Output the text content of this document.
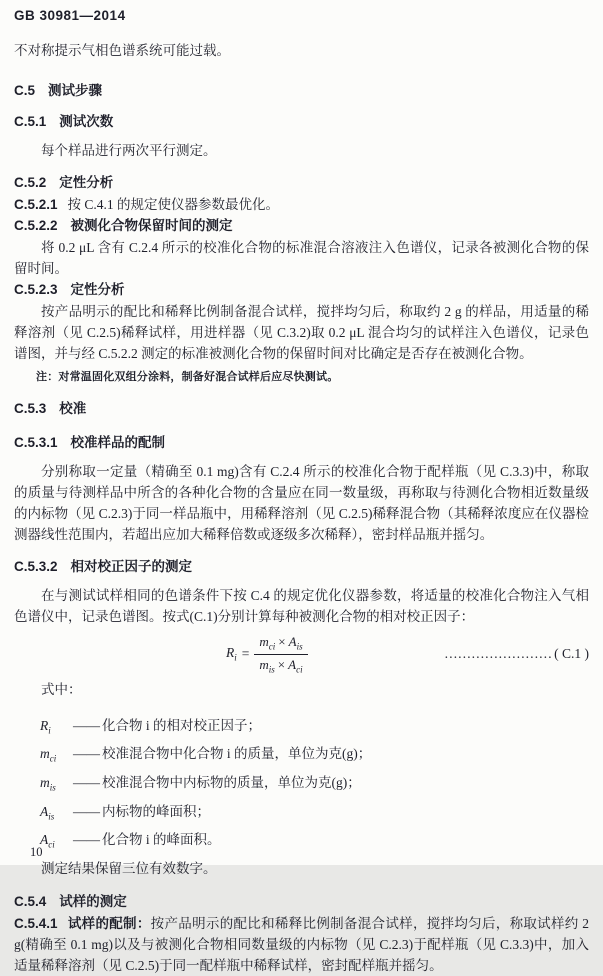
GB 30981—2014

不对称提示气相色谱系统可能过载。

C.5 测试步骤
C.5.1 测试次数

每个样品进行两次平行测定。

C.5.2 定性分析

C.5.2.1 按 C.4.1 的规定使仪器参数最优化。

C.5.2.2 被测化合物保留时间的测定

将 0.2 μL 含有 C.2.4 所示的校准化合物的标准混合溶液注入色谱仪，记录各被测化合物的保留时间。

C.5.2.3 定性分析

按产品明示的配比和稀释比例制备混合试样，搅拌均匀后，称取约 2 g 的样品，用适量的稀释溶剂（见 C.2.5)稀释试样，用进样器（见 C.3.2)取 0.2 μL 混合均匀的试样注入色谱仪，记录色谱图，并与经 C.5.2.2 测定的标准被测化合物的保留时间对比确定是否存在被测化合物。

注：对常温固化双组分涂料，制备好混合试样后应尽快测试。

C.5.3 校准
C.5.3.1 校准样品的配制

分别称取一定量（精确至 0.1 mg)含有 C.2.4 所示的校准化合物于配样瓶（见 C.3.3)中，称取的质量与待测样品中所含的各种化合物的含量应在同一数量级，再称取与待测化合物相近数量级的内标物（见 C.2.3)于同一样品瓶中，用稀释溶剂（见 C.2.5)稀释混合物（其稀释浓度应在仪器检测器线性范围内，若超出应加大稀释倍数或逐级多次稀释），密封样品瓶并摇匀。

C.5.3.2 相对校正因子的测定

在与测试试样相同的色谱条件下按 C.4 的规定优化仪器参数，将适量的校准化合物注入气相色谱仪中，记录色谱图。按式(C.1)分别计算每种被测化合物的相对校正因子：

$R_i = \frac{m_{ci} \times A_{is}}{m_{is} \times A_{ci}}$	…………………… ( C.1 )

式中：

$R_i$	—— 化合物 i 的相对校正因子；
$m_{ci}$	—— 校准混合物中化合物 i 的质量，单位为克(g)；
$m_{is}$	—— 校准混合物中内标物的质量，单位为克(g)；
$A_{is}$	—— 内标物的峰面积；
$A_{ci}$	—— 化合物 i 的峰面积。

测定结果保留三位有效数字。

C.5.4 试样的测定

C.5.4.1 试样的配制：按产品明示的配比和稀释比例制备混合试样，搅拌均匀后，称取试样约 2 g(精确至 0.1 mg)以及与被测化合物相同数量级的内标物（见 C.2.3)于配样瓶（见 C.3.3)中，加入适量稀释溶剂（见 C.2.5)于同一配样瓶中稀释试样，密封配样瓶并摇匀。

10
